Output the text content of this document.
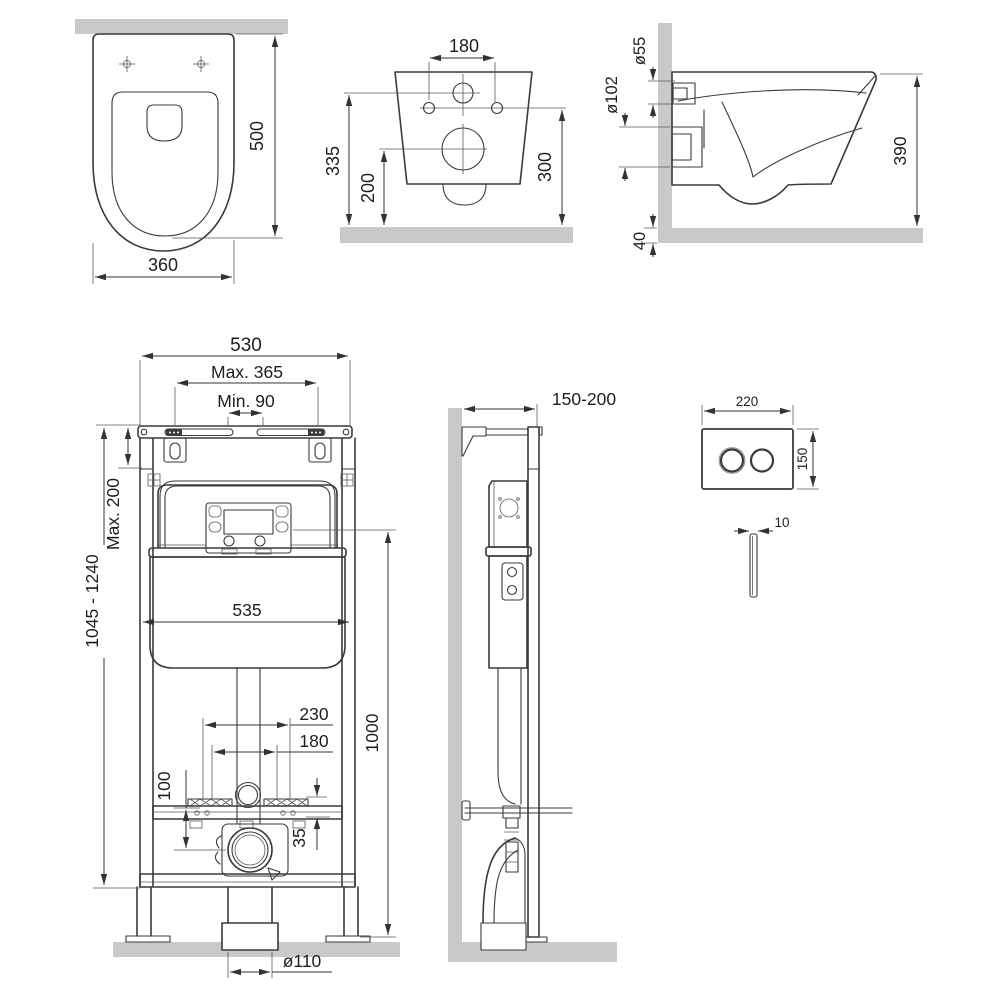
500
360
180
335
200
300
ø55
ø102
390
40
530
Max. 365
Min. 90
Max. 200
1045 - 1240	535
230
180 1000
100
35
ø110
150-200	220
150
10
